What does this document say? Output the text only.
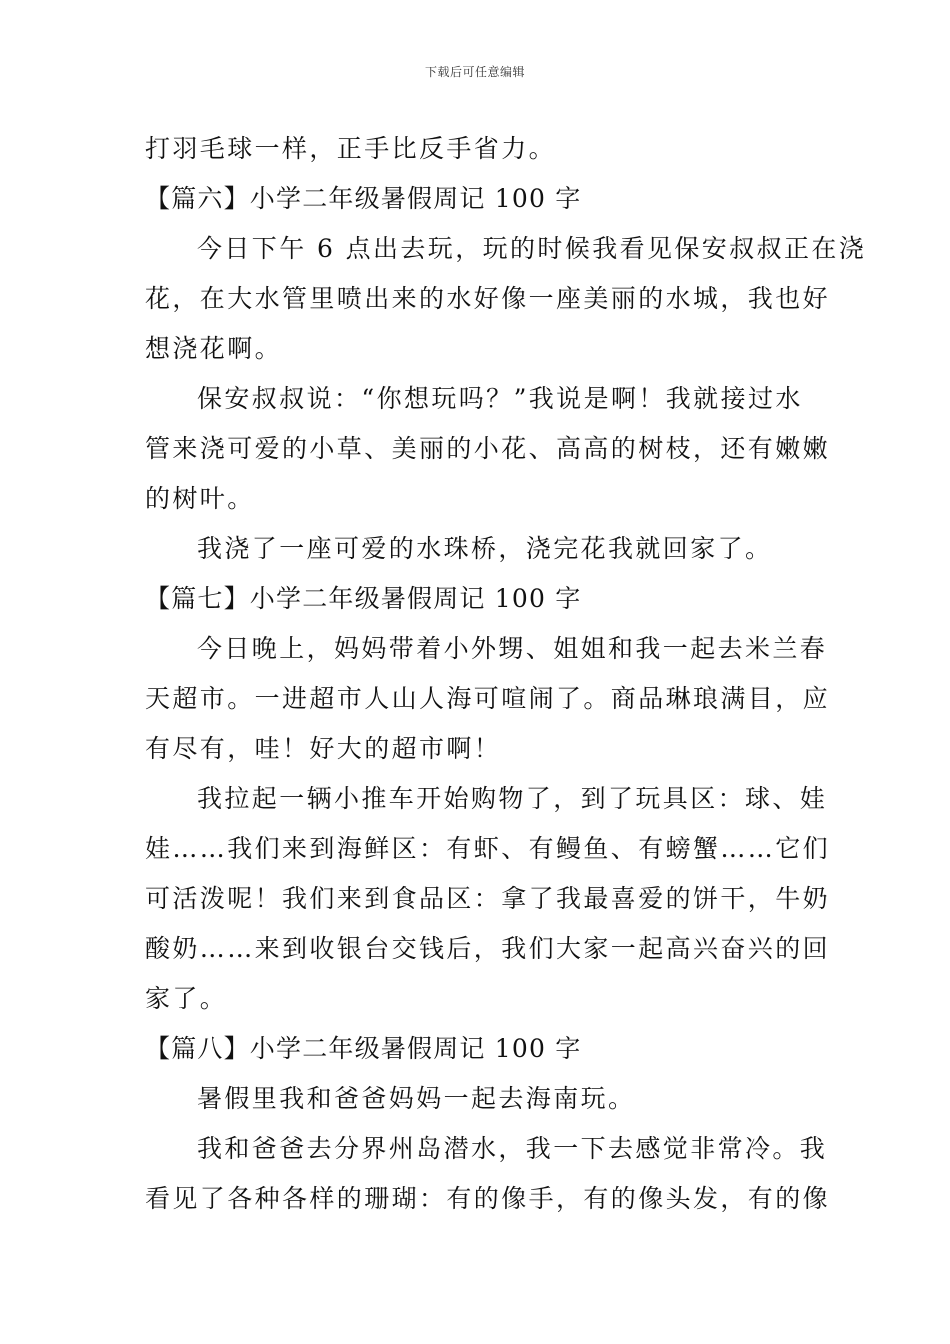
下载后可任意编辑
打羽毛球一样，正手比反手省力。
【篇六】小学二年级暑假周记 100 字
今日下午 6 点出去玩，玩的时候我看见保安叔叔正在浇
花，在大水管里喷出来的水好像一座美丽的水城，我也好
想浇花啊。
保安叔叔说：“你想玩吗？”我说是啊！我就接过水
管来浇可爱的小草、美丽的小花、高高的树枝，还有嫩嫩
的树叶。
我浇了一座可爱的水珠桥，浇完花我就回家了。
【篇七】小学二年级暑假周记 100 字
今日晚上，妈妈带着小外甥、姐姐和我一起去米兰春
天超市。一进超市人山人海可喧闹了。商品琳琅满目，应
有尽有，哇！好大的超市啊！
我拉起一辆小推车开始购物了，到了玩具区：球、娃
娃……我们来到海鲜区：有虾、有鳗鱼、有螃蟹……它们
可活泼呢！我们来到食品区：拿了我最喜爱的饼干，牛奶
酸奶……来到收银台交钱后，我们大家一起高兴奋兴的回
家了。
【篇八】小学二年级暑假周记 100 字
暑假里我和爸爸妈妈一起去海南玩。
我和爸爸去分界州岛潜水，我一下去感觉非常冷。我
看见了各种各样的珊瑚：有的像手，有的像头发，有的像
